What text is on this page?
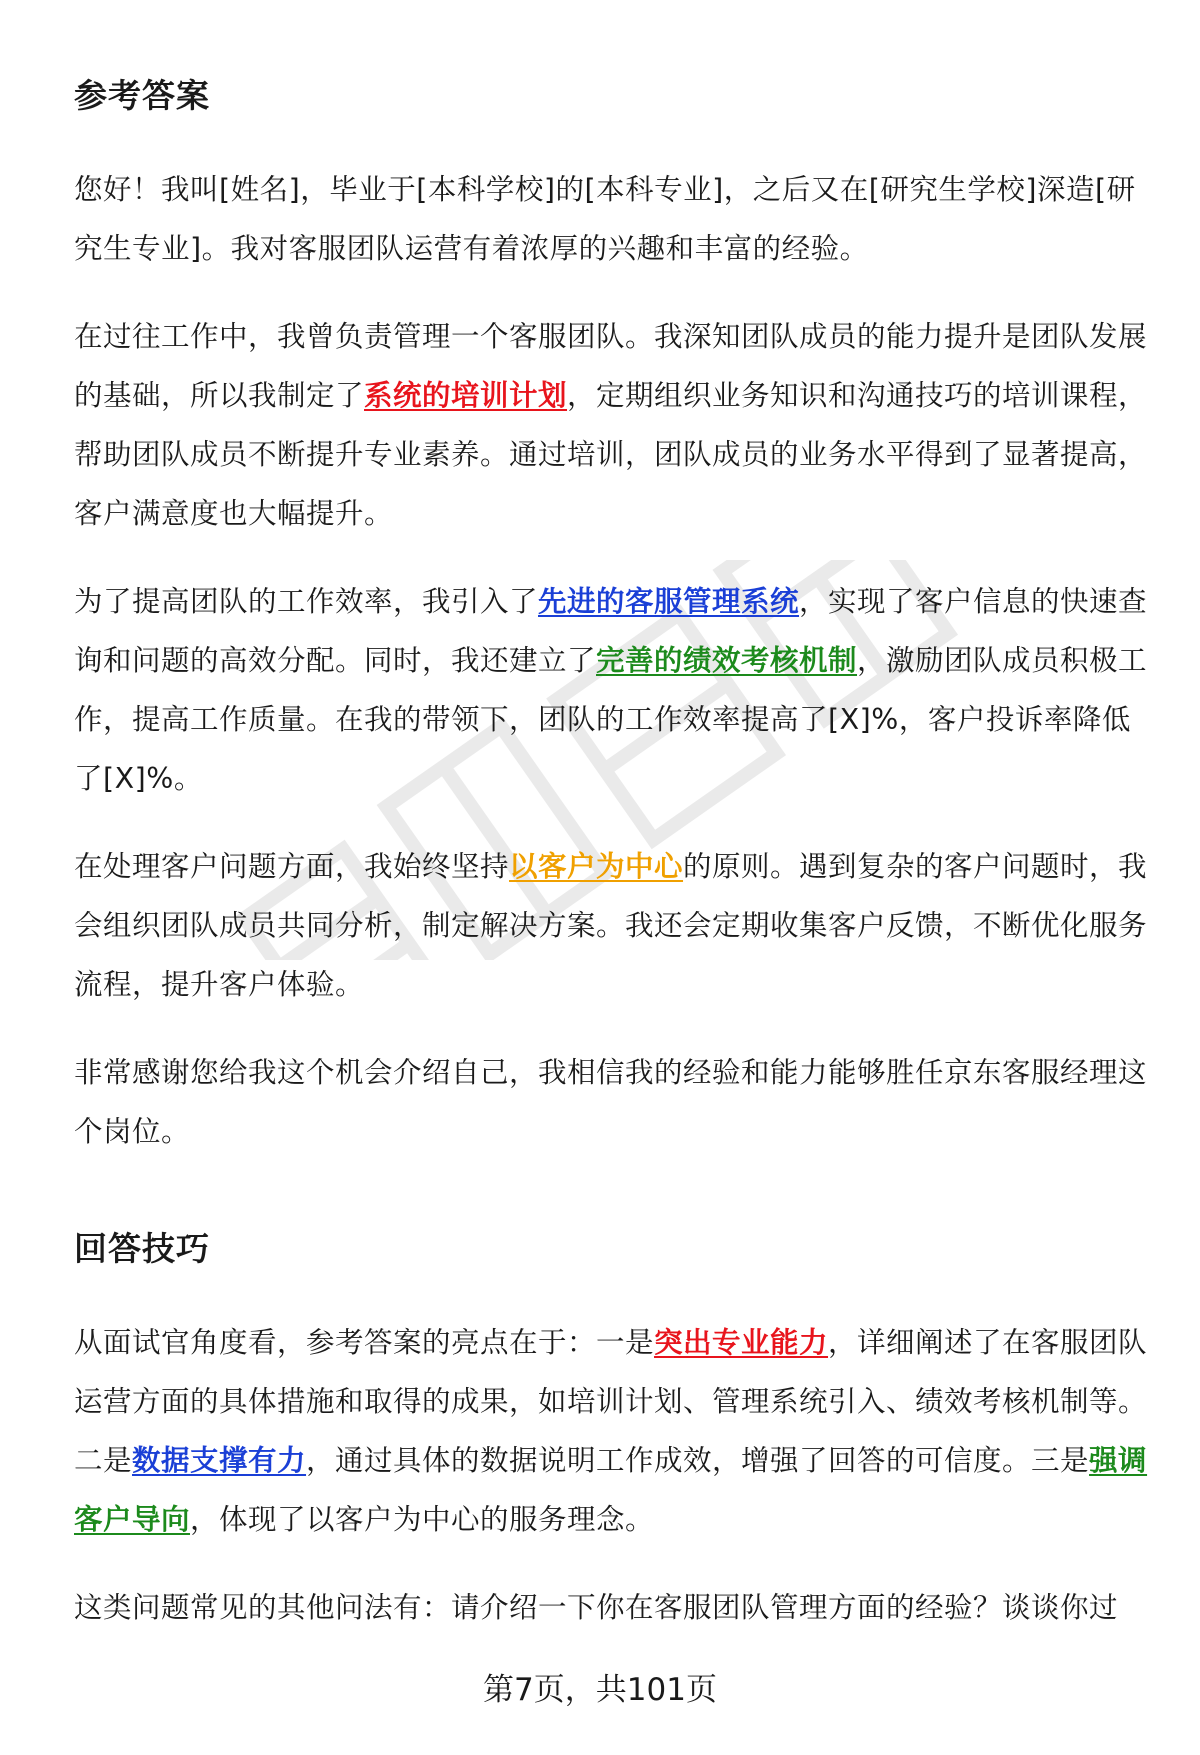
参考答案

您好！我叫[姓名]，毕业于[本科学校]的[本科专业]，之后又在[研究生学校]深造[研究生专业]。我对客服团队运营有着浓厚的兴趣和丰富的经验。

在过往工作中，我曾负责管理一个客服团队。我深知团队成员的能力提升是团队发展的基础，所以我制定了系统的培训计划，定期组织业务知识和沟通技巧的培训课程，帮助团队成员不断提升专业素养。通过培训，团队成员的业务水平得到了显著提高，客户满意度也大幅提升。

为了提高团队的工作效率，我引入了先进的客服管理系统，实现了客户信息的快速查询和问题的高效分配。同时，我还建立了完善的绩效考核机制，激励团队成员积极工作，提高工作质量。在我的带领下，团队的工作效率提高了[X]%，客户投诉率降低了[X]%。

在处理客户问题方面，我始终坚持以客户为中心的原则。遇到复杂的客户问题时，我会组织团队成员共同分析，制定解决方案。我还会定期收集客户反馈，不断优化服务流程，提升客户体验。

非常感谢您给我这个机会介绍自己，我相信我的经验和能力能够胜任京东客服经理这个岗位。

回答技巧

从面试官角度看，参考答案的亮点在于：一是突出专业能力，详细阐述了在客服团队运营方面的具体措施和取得的成果，如培训计划、管理系统引入、绩效考核机制等。二是数据支撑有力，通过具体的数据说明工作成效，增强了回答的可信度。三是强调客户导向，体现了以客户为中心的服务理念。

这类问题常见的其他问法有：请介绍一下你在客服团队管理方面的经验？谈谈你过

第7页，共101页
